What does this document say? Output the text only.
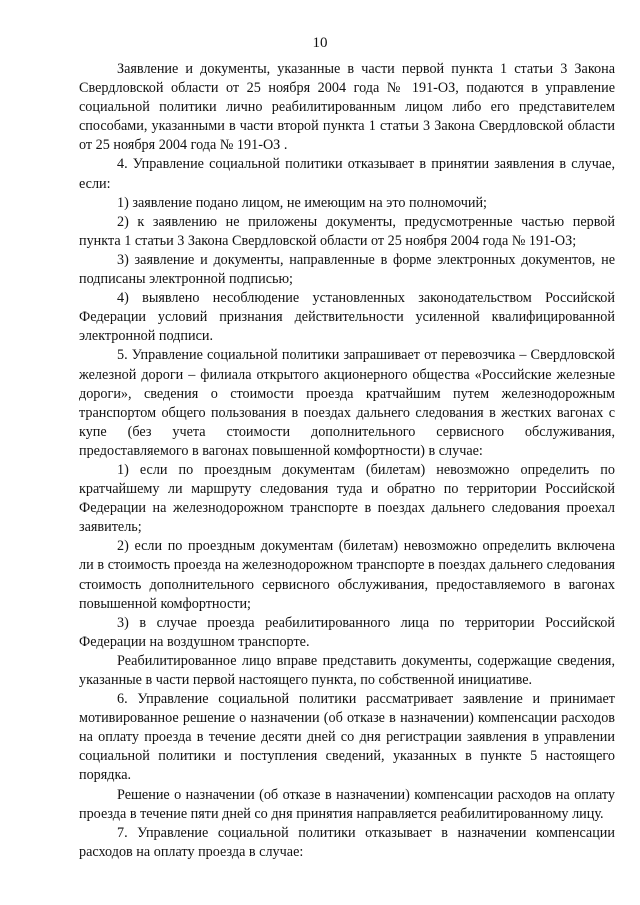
10

Заявление и документы, указанные в части первой пункта 1 статьи 3 Закона Свердловской области от 25 ноября 2004 года № 191-ОЗ, подаются в управление социальной политики лично реабилитированным лицом либо его представителем способами, указанными в части второй пункта 1 статьи 3 Закона Свердловской области от 25 ноября 2004 года № 191-ОЗ .

4. Управление социальной политики отказывает в принятии заявления в случае, если:

1) заявление подано лицом, не имеющим на это полномочий;

2) к заявлению не приложены документы, предусмотренные частью первой пункта 1 статьи 3 Закона Свердловской области от 25 ноября 2004 года № 191-ОЗ;

3) заявление и документы, направленные в форме электронных документов, не подписаны электронной подписью;

4) выявлено несоблюдение установленных законодательством Российской Федерации условий признания действительности усиленной квалифицированной электронной подписи.

5. Управление социальной политики запрашивает от перевозчика – Свердловской железной дороги – филиала открытого акционерного общества «Российские железные дороги», сведения о стоимости проезда кратчайшим путем железнодорожным транспортом общего пользования в поездах дальнего следования в жестких вагонах с купе (без учета стоимости дополнительного сервисного обслуживания, предоставляемого в вагонах повышенной комфортности) в случае:

1) если по проездным документам (билетам) невозможно определить по кратчайшему ли маршруту следования туда и обратно по территории Российской Федерации на железнодорожном транспорте в поездах дальнего следования проехал заявитель;

2) если по проездным документам (билетам) невозможно определить включена ли в стоимость проезда на железнодорожном транспорте в поездах дальнего следования стоимость дополнительного сервисного обслуживания, предоставляемого в вагонах повышенной комфортности;

3) в случае проезда реабилитированного лица по территории Российской Федерации на воздушном транспорте.

Реабилитированное лицо вправе представить документы, содержащие сведения, указанные в части первой настоящего пункта, по собственной инициативе.

6. Управление социальной политики рассматривает заявление и принимает мотивированное решение о назначении (об отказе в назначении) компенсации расходов на оплату проезда в течение десяти дней со дня регистрации заявления в управлении социальной политики и поступления сведений, указанных в пункте 5 настоящего порядка.

Решение о назначении (об отказе в назначении) компенсации расходов на оплату проезда в течение пяти дней со дня принятия направляется реабилитированному лицу.

7. Управление социальной политики отказывает в назначении компенсации расходов на оплату проезда в случае:
